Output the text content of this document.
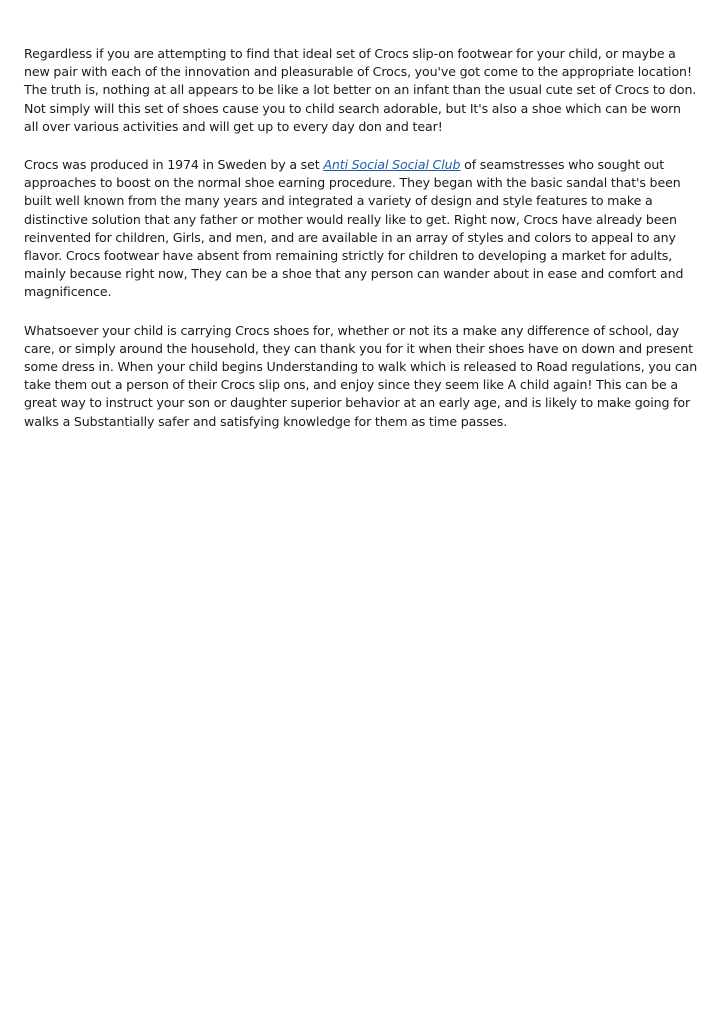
Regardless if you are attempting to find that ideal set of Crocs slip-on footwear for your child, or maybe a new pair with each of the innovation and pleasurable of Crocs, you've got come to the appropriate location! The truth is, nothing at all appears to be like a lot better on an infant than the usual cute set of Crocs to don. Not simply will this set of shoes cause you to child search adorable, but It's also a shoe which can be worn all over various activities and will get up to every day don and tear!

Crocs was produced in 1974 in Sweden by a set Anti Social Social Club of seamstresses who sought out approaches to boost on the normal shoe earning procedure. They began with the basic sandal that's been built well known from the many years and integrated a variety of design and style features to make a distinctive solution that any father or mother would really like to get. Right now, Crocs have already been reinvented for children, Girls, and men, and are available in an array of styles and colors to appeal to any flavor. Crocs footwear have absent from remaining strictly for children to developing a market for adults, mainly because right now, They can be a shoe that any person can wander about in ease and comfort and magnificence.

Whatsoever your child is carrying Crocs shoes for, whether or not its a make any difference of school, day care, or simply around the household, they can thank you for it when their shoes have on down and present some dress in. When your child begins Understanding to walk which is released to Road regulations, you can take them out a person of their Crocs slip ons, and enjoy since they seem like A child again! This can be a great way to instruct your son or daughter superior behavior at an early age, and is likely to make going for walks a Substantially safer and satisfying knowledge for them as time passes.
